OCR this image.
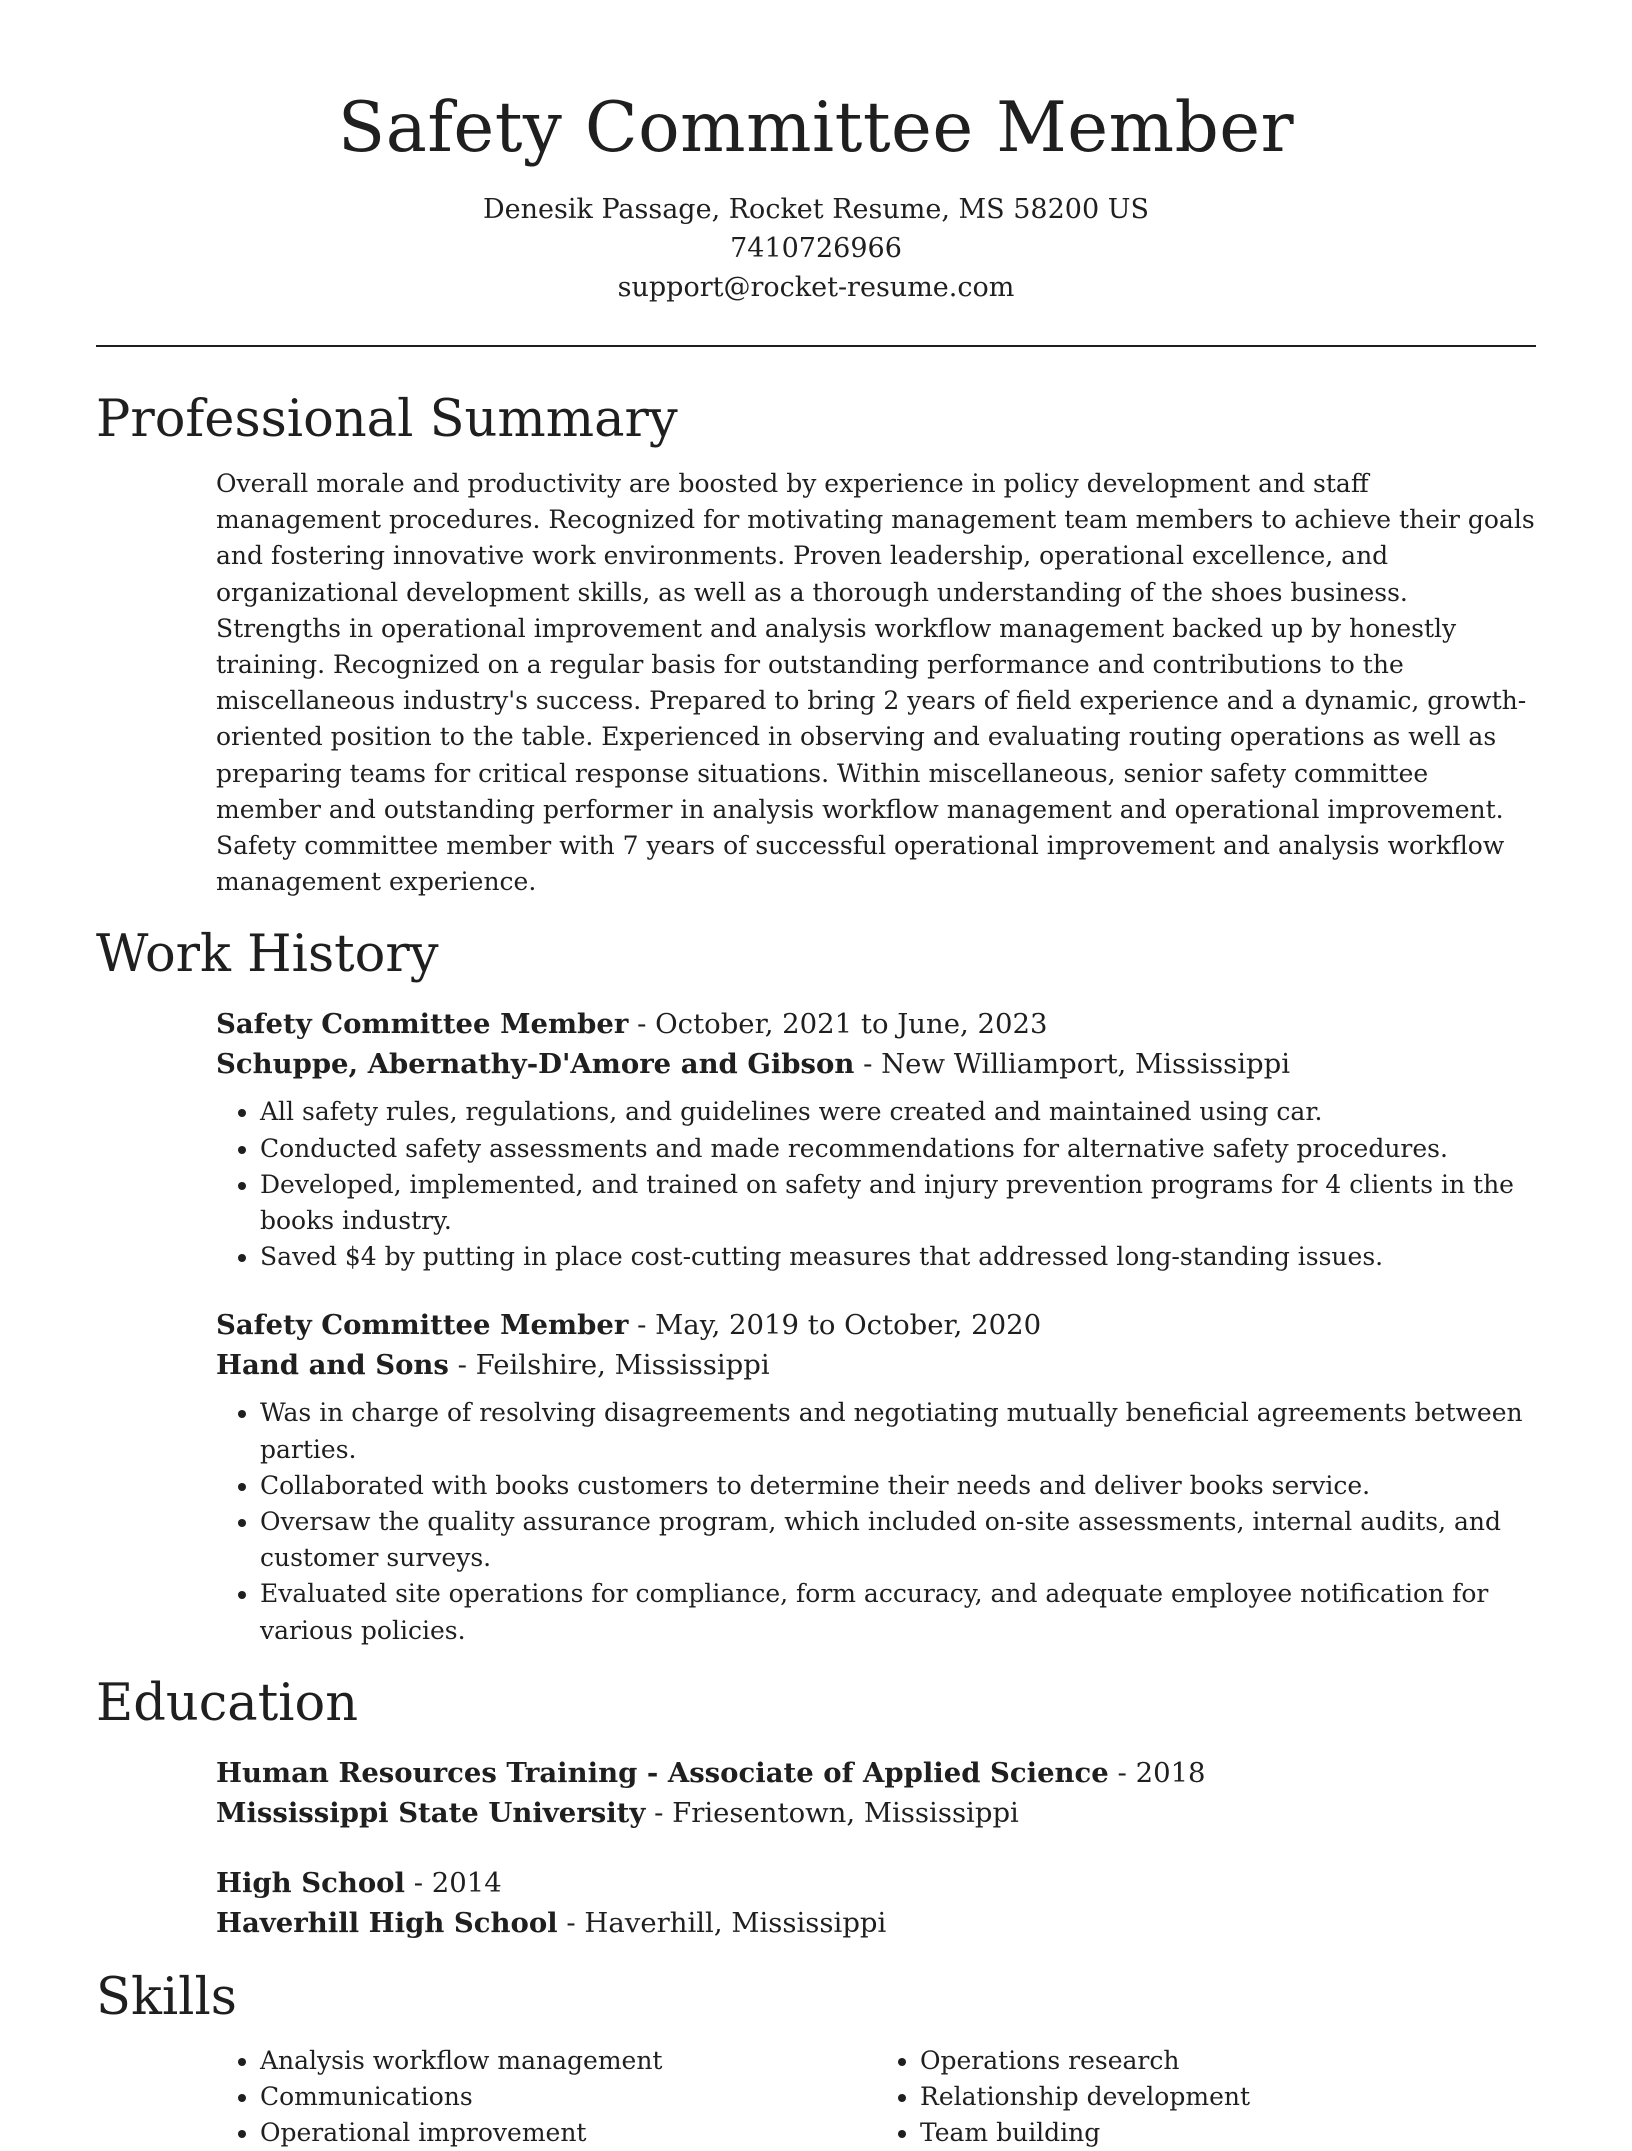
Safety Committee Member

Denesik Passage, Rocket Resume, MS 58200 US

7410726966

support@rocket-resume.com

Professional Summary

Overall morale and productivity are boosted by experience in policy development and staff management procedures. Recognized for motivating management team members to achieve their goals and fostering innovative work environments. Proven leadership, operational excellence, and organizational development skills, as well as a thorough understanding of the shoes business. Strengths in operational improvement and analysis workflow management backed up by honestly training. Recognized on a regular basis for outstanding performance and contributions to the miscellaneous industry's success. Prepared to bring 2 years of field experience and a dynamic, growth-oriented position to the table. Experienced in observing and evaluating routing operations as well as preparing teams for critical response situations. Within miscellaneous, senior safety committee member and outstanding performer in analysis workflow management and operational improvement. Safety committee member with 7 years of successful operational improvement and analysis workflow management experience.

Work History

Safety Committee Member - October, 2021 to June, 2023

Schuppe, Abernathy-D'Amore and Gibson - New Williamport, Mississippi

• All safety rules, regulations, and guidelines were created and maintained using car.
• Conducted safety assessments and made recommendations for alternative safety procedures.
• Developed, implemented, and trained on safety and injury prevention programs for 4 clients in the books industry.
• Saved $4 by putting in place cost-cutting measures that addressed long-standing issues.

Safety Committee Member - May, 2019 to October, 2020

Hand and Sons - Feilshire, Mississippi

• Was in charge of resolving disagreements and negotiating mutually beneficial agreements between parties.
• Collaborated with books customers to determine their needs and deliver books service.
• Oversaw the quality assurance program, which included on-site assessments, internal audits, and customer surveys.
• Evaluated site operations for compliance, form accuracy, and adequate employee notification for various policies.
Education

Human Resources Training - Associate of Applied Science - 2018

Mississippi State University - Friesentown, Mississippi

High School - 2014

Haverhill High School - Haverhill, Mississippi

Skills
• Analysis workflow management
• Communications
• Operational improvement
• Operations research
• Relationship development
• Team building
